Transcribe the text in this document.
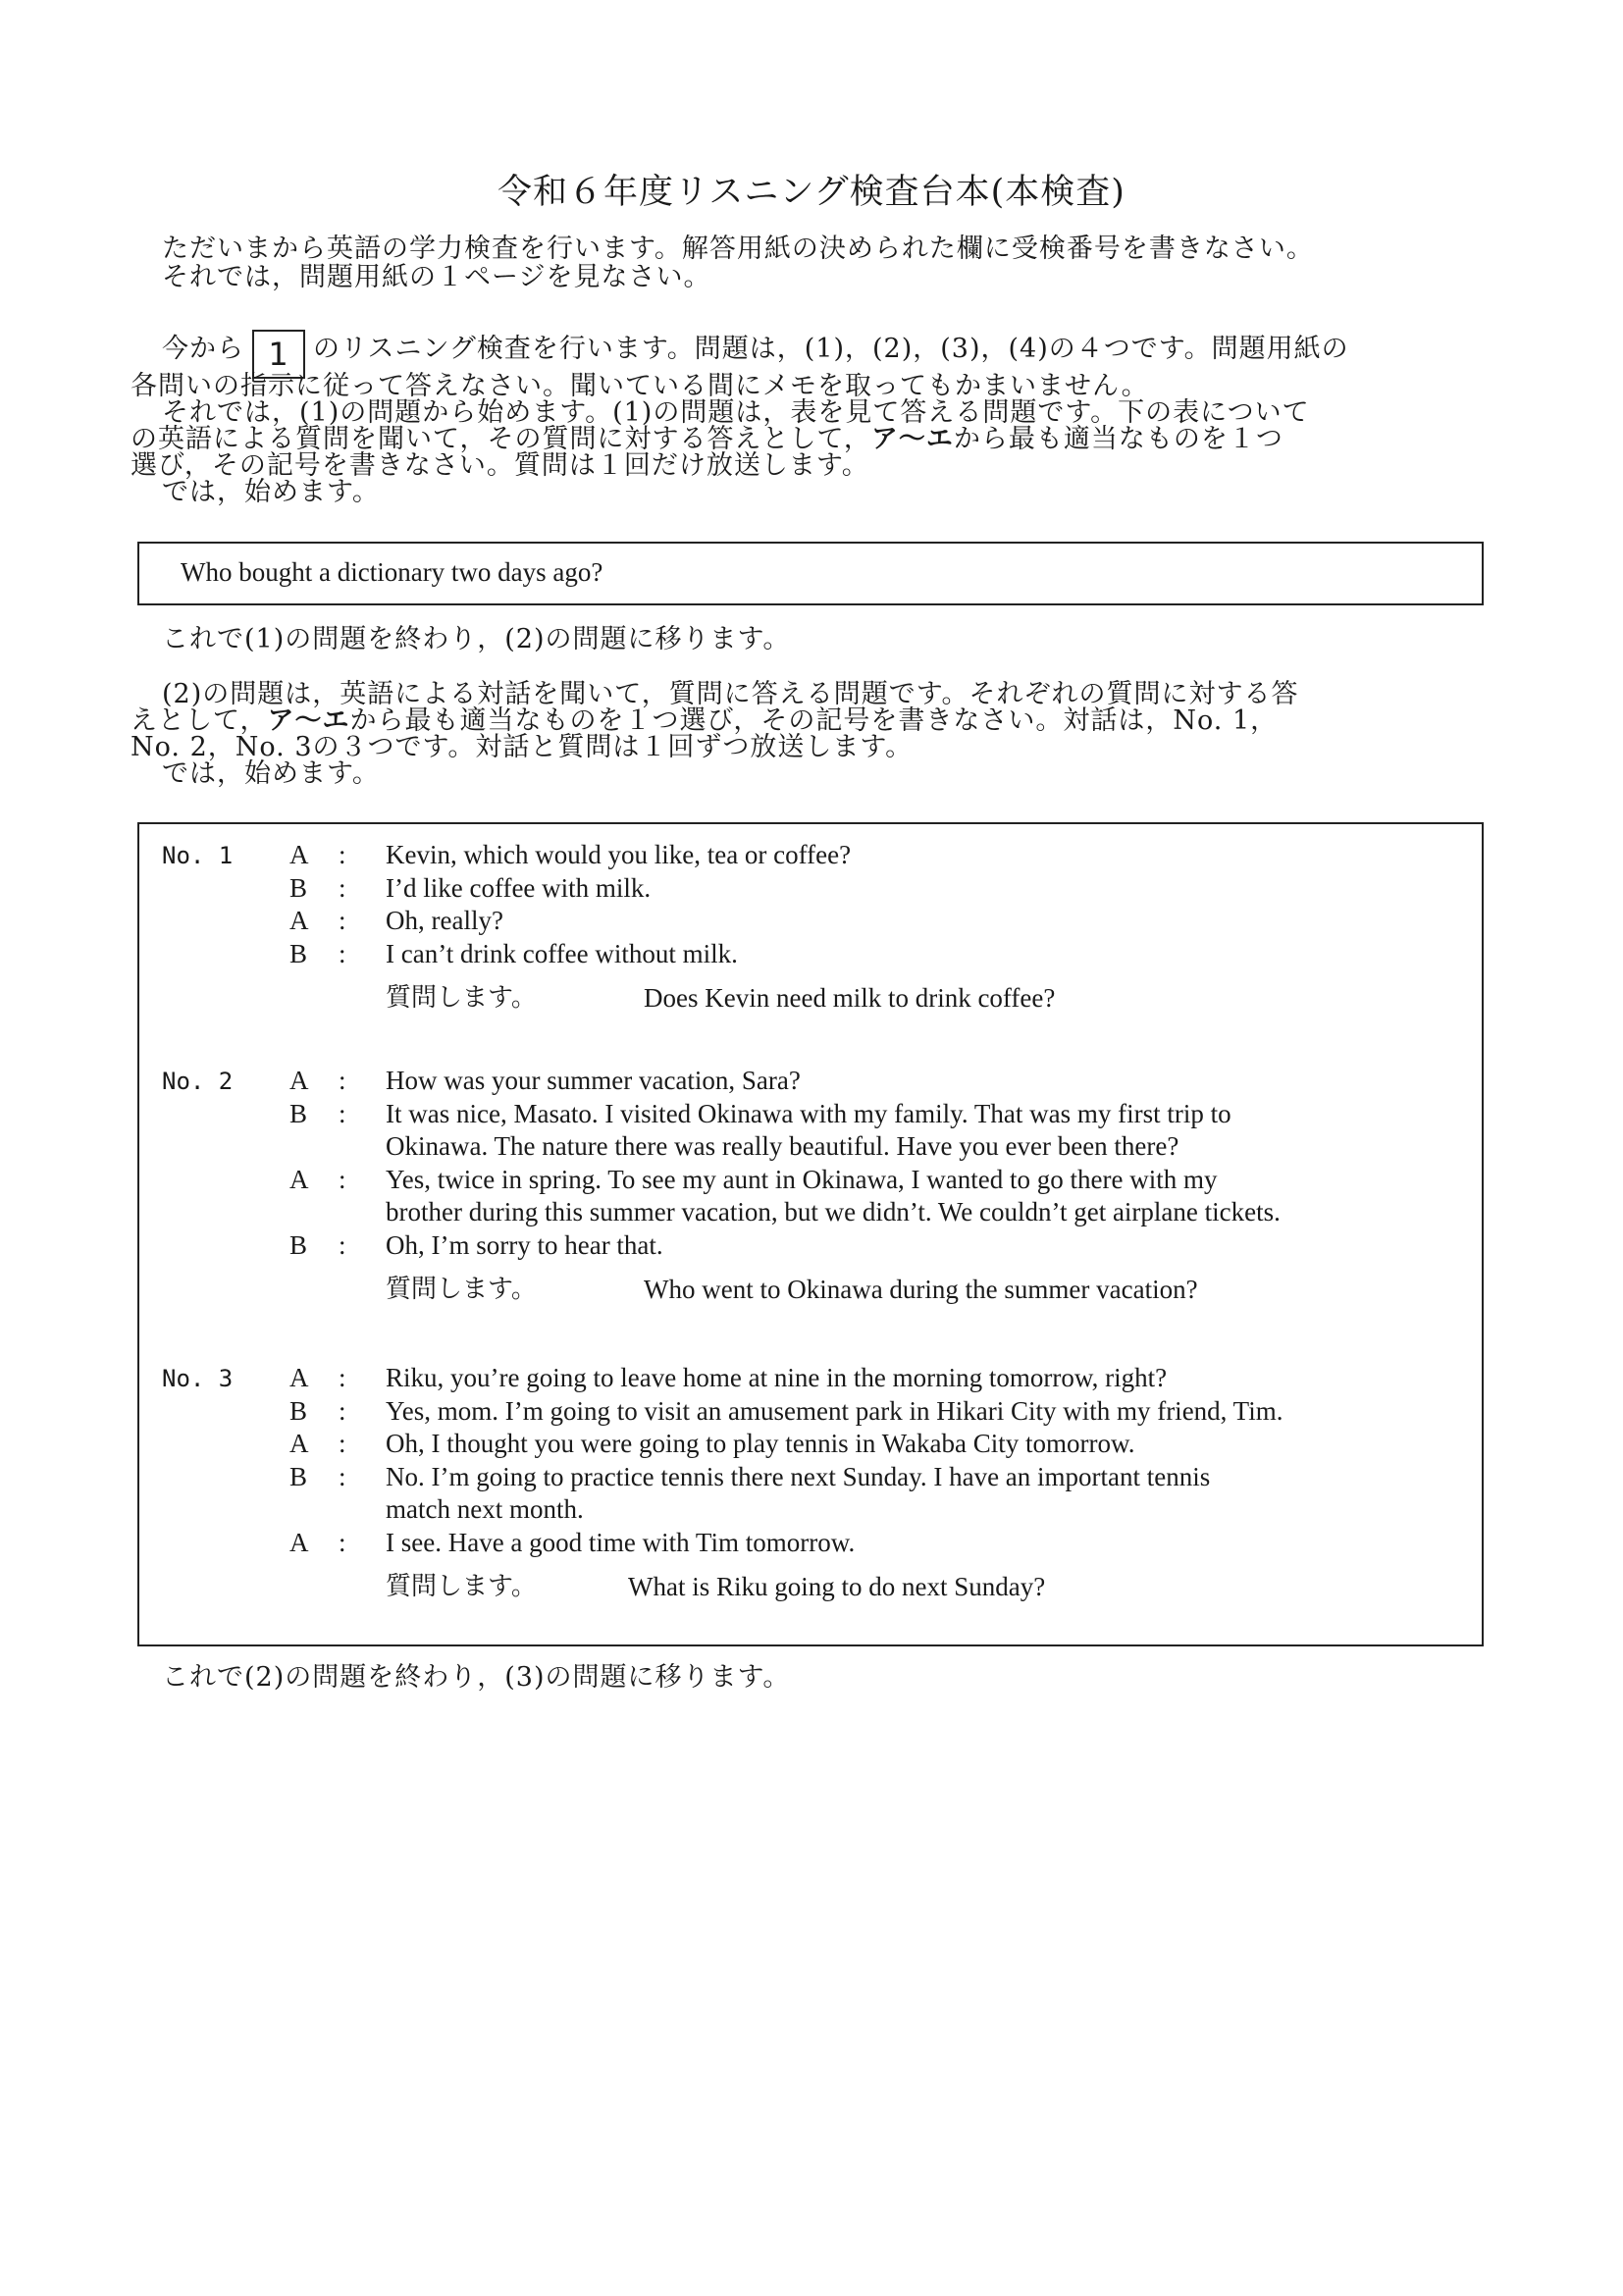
令和６年度リスニング検査台本(本検査)
ただいまから英語の学力検査を行います。解答用紙の決められた欄に受検番号を書きなさい。
それでは，問題用紙の１ページを見なさい。
今から 1 のリスニング検査を行います。問題は，(1)，(2)，(3)，(4)の４つです。問題用紙の
各問いの指示に従って答えなさい。聞いている間にメモを取ってもかまいません。
それでは，(1)の問題から始めます。(1)の問題は，表を見て答える問題です。下の表について
の英語による質問を聞いて，その質問に対する答えとして，ア〜エから最も適当なものを１つ
選び，その記号を書きなさい。質問は１回だけ放送します。
では，始めます。
Who bought a dictionary two days ago?
これで(1)の問題を終わり，(2)の問題に移ります。
(2)の問題は，英語による対話を聞いて，質問に答える問題です。それぞれの質問に対する答
えとして，ア〜エから最も適当なものを１つ選び，その記号を書きなさい。対話は，No. 1，
No. 2，No. 3の３つです。対話と質問は１回ずつ放送します。
では，始めます。
No. 1 A : Kevin, which would you like, tea or coffee?
B : I’d like coffee with milk.
A : Oh, really?
B : I can’t drink coffee without milk.
質問します。	Does Kevin need milk to drink coffee?
No. 2 A : How was your summer vacation, Sara?
B : It was nice, Masato. I visited Okinawa with my family. That was my first trip to
Okinawa. The nature there was really beautiful. Have you ever been there?
A : Yes, twice in spring. To see my aunt in Okinawa, I wanted to go there with my
brother during this summer vacation, but we didn’t. We couldn’t get airplane tickets.
B : Oh, I’m sorry to hear that.
質問します。	Who went to Okinawa during the summer vacation?
No. 3 A : Riku, you’re going to leave home at nine in the morning tomorrow, right?
B : Yes, mom. I’m going to visit an amusement park in Hikari City with my friend, Tim.
A : Oh, I thought you were going to play tennis in Wakaba City tomorrow.
B : No. I’m going to practice tennis there next Sunday. I have an important tennis
match next month.
A : I see. Have a good time with Tim tomorrow.
質問します。	What is Riku going to do next Sunday?
これで(2)の問題を終わり，(3)の問題に移ります。
